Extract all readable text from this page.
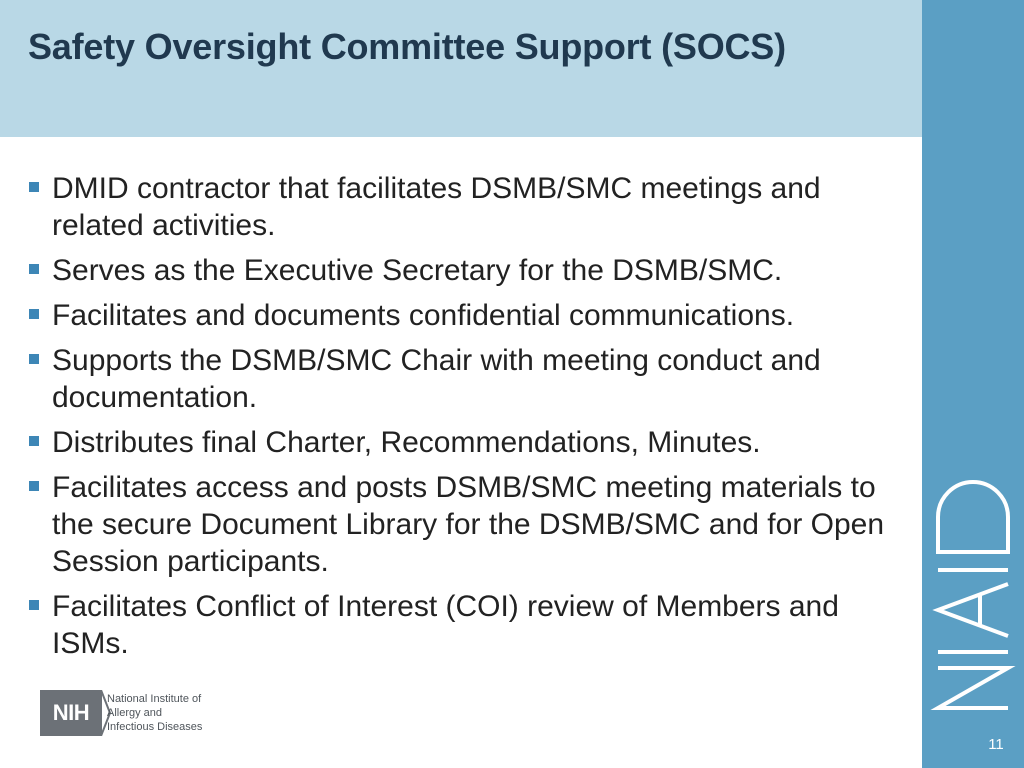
Safety Oversight Committee Support (SOCS)
11
DMID contractor that facilitates DSMB/SMC meetings and related activities.
Serves as the Executive Secretary for the DSMB/SMC.
Facilitates and documents confidential communications.
Supports the DSMB/SMC Chair with meeting conduct and documentation.
Distributes final Charter, Recommendations, Minutes.
Facilitates access and posts DSMB/SMC meeting materials to the secure Document Library for the DSMB/SMC and for Open Session participants.
Facilitates Conflict of Interest (COI) review of Members and ISMs.
NIH
National Institute of
Allergy and
Infectious Diseases
